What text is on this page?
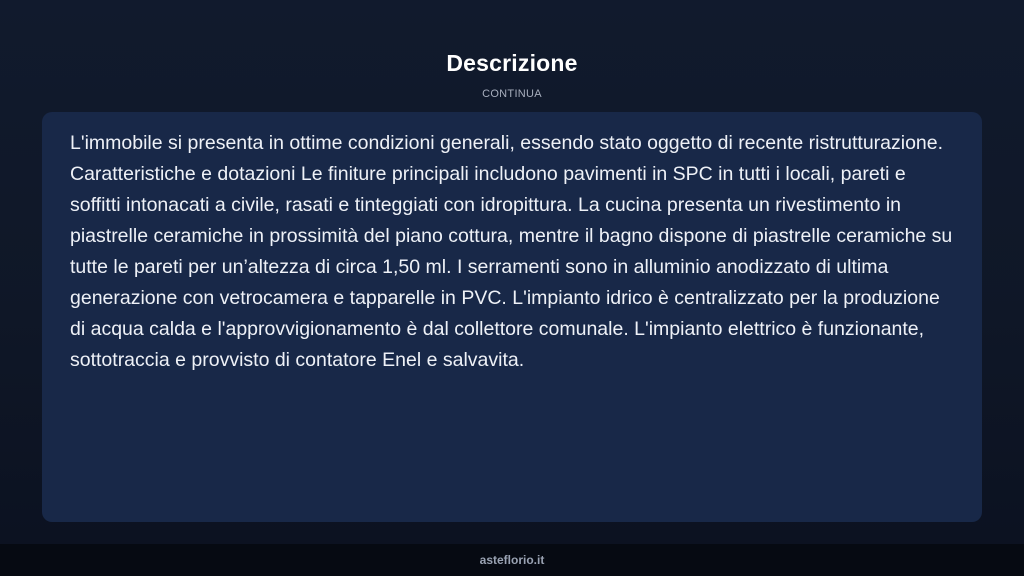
Descrizione
CONTINUA

L'immobile si presenta in ottime condizioni generali, essendo stato oggetto di recente ristrutturazione. Caratteristiche e dotazioni Le finiture principali includono pavimenti in SPC in tutti i locali, pareti e soffitti intonacati a civile, rasati e tinteggiati con idropittura. La cucina presenta un rivestimento in piastrelle ceramiche in prossimità del piano cottura, mentre il bagno dispone di piastrelle ceramiche su tutte le pareti per un’altezza di circa 1,50 ml. I serramenti sono in alluminio anodizzato di ultima generazione con vetrocamera e tapparelle in PVC. L'impianto idrico è centralizzato per la produzione di acqua calda e l'approvvigionamento è dal collettore comunale. L'impianto elettrico è funzionante, sottotraccia e provvisto di contatore Enel e salvavita.

asteflorio.it
